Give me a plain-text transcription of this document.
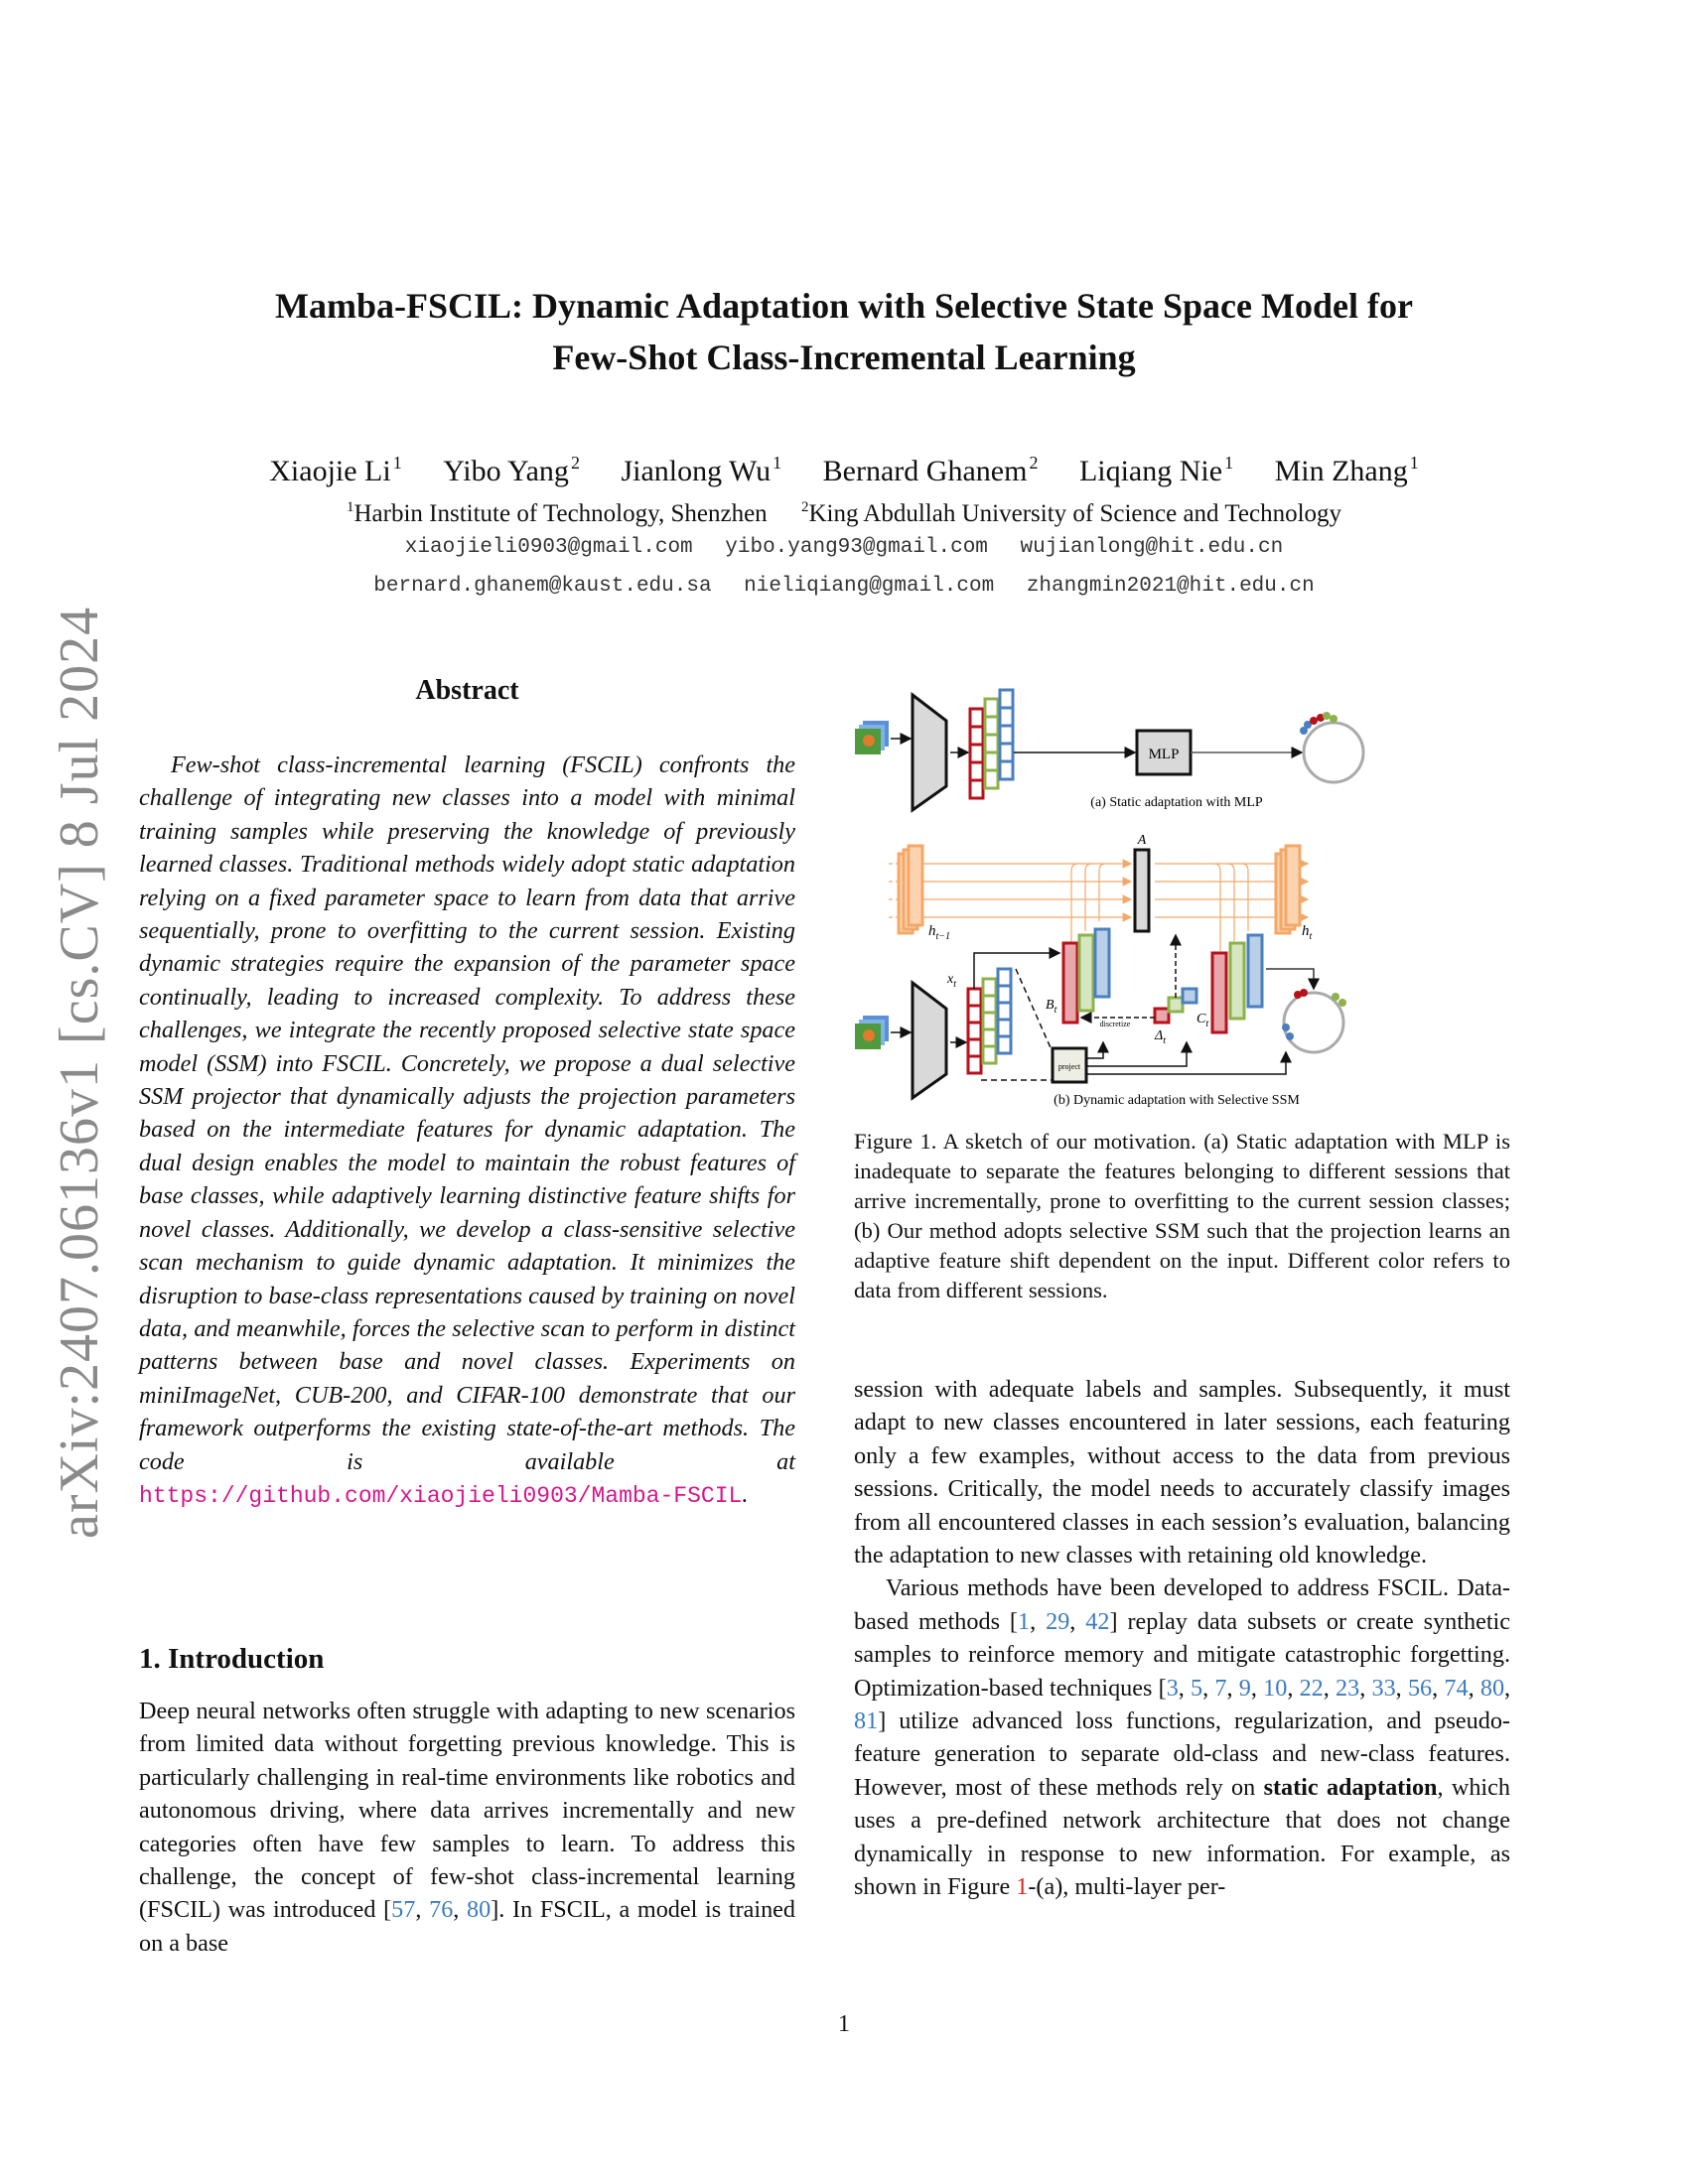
Mamba-FSCIL: Dynamic Adaptation with Selective State Space Model for
Few-Shot Class-Incremental Learning
Xiaojie Li $^1$ Yibo Yang $^2$ Jianlong Wu $^1$ Bernard Ghanem $^2$ Liqiang Nie $^1$ Min Zhang $^1$
$^1$Harbin Institute of Technology, Shenzhen $^2$King Abdullah University of Science and Technology
xiaojieli0903@gmail.com yibo.yang93@gmail.com wujianlong@hit.edu.cn
bernard.ghanem@kaust.edu.sa nieliqiang@gmail.com zhangmin2021@hit.edu.cn
arXiv:2407.06136v1 [cs.CV] 8 Jul 2024	Abstract

Few-shot class-incremental learning (FSCIL) confronts the challenge of integrating new classes into a model with minimal training samples while preserving the knowledge of previously learned classes. Traditional methods widely adopt static adaptation relying on a fixed parameter space to learn from data that arrive sequentially, prone to overfitting to the current session. Existing dynamic strategies require the expansion of the parameter space continually, leading to increased complexity. To address these challenges, we integrate the recently proposed selective state space model (SSM) into FSCIL. Concretely, we propose a dual selective SSM projector that dynamically adjusts the projection parameters based on the intermediate features for dynamic adaptation. The dual design enables the model to maintain the robust features of base classes, while adaptively learning distinctive feature shifts for novel classes. Additionally, we develop a class-sensitive selective scan mechanism to guide dynamic adaptation. It minimizes the disruption to base-class representations caused by training on novel data, and meanwhile, forces the selective scan to perform in distinct patterns between base and novel classes. Experiments on miniImageNet, CUB-200, and CIFAR-100 demonstrate that our framework outperforms the existing state-of-the-art methods. The code is available at https://github.com/xiaojieli0903/Mamba-FSCIL.

1. Introduction

Deep neural networks often struggle with adapting to new scenarios from limited data without forgetting previous knowledge. This is particularly challenging in real-time environments like robotics and autonomous driving, where data arrives incrementally and new categories often have few samples to learn. To address this challenge, the concept of few-shot class-incremental learning (FSCIL) was introduced [57, 76, 80]. In FSCIL, a model is trained on a base

MLP
(a) Static adaptation with MLP
$h_{t-1}$
A
$h_t$
$x_t$
project
$B_t$
discretize
$\Delta_t$
$C_t$
(b) Dynamic adaptation with Selective SSM
Figure 1. A sketch of our motivation. (a) Static adaptation with MLP is inadequate to separate the features belonging to different sessions that arrive incrementally, prone to overfitting to the current session classes; (b) Our method adopts selective SSM such that the projection learns an adaptive feature shift dependent on the input. Different color refers to data from different sessions.

session with adequate labels and samples. Subsequently, it must adapt to new classes encountered in later sessions, each featuring only a few examples, without access to the data from previous sessions. Critically, the model needs to accurately classify images from all encountered classes in each session’s evaluation, balancing the adaptation to new classes with retaining old knowledge.

Various methods have been developed to address FSCIL. Data-based methods [1, 29, 42] replay data subsets or create synthetic samples to reinforce memory and mitigate catastrophic forgetting. Optimization-based techniques [3, 5, 7, 9, 10, 22, 23, 33, 56, 74, 80, 81] utilize advanced loss functions, regularization, and pseudo-feature generation to separate old-class and new-class features. However, most of these methods rely on static adaptation, which uses a pre-defined network architecture that does not change dynamically in response to new information. For example, as shown in Figure 1-(a), multi-layer per-

1
